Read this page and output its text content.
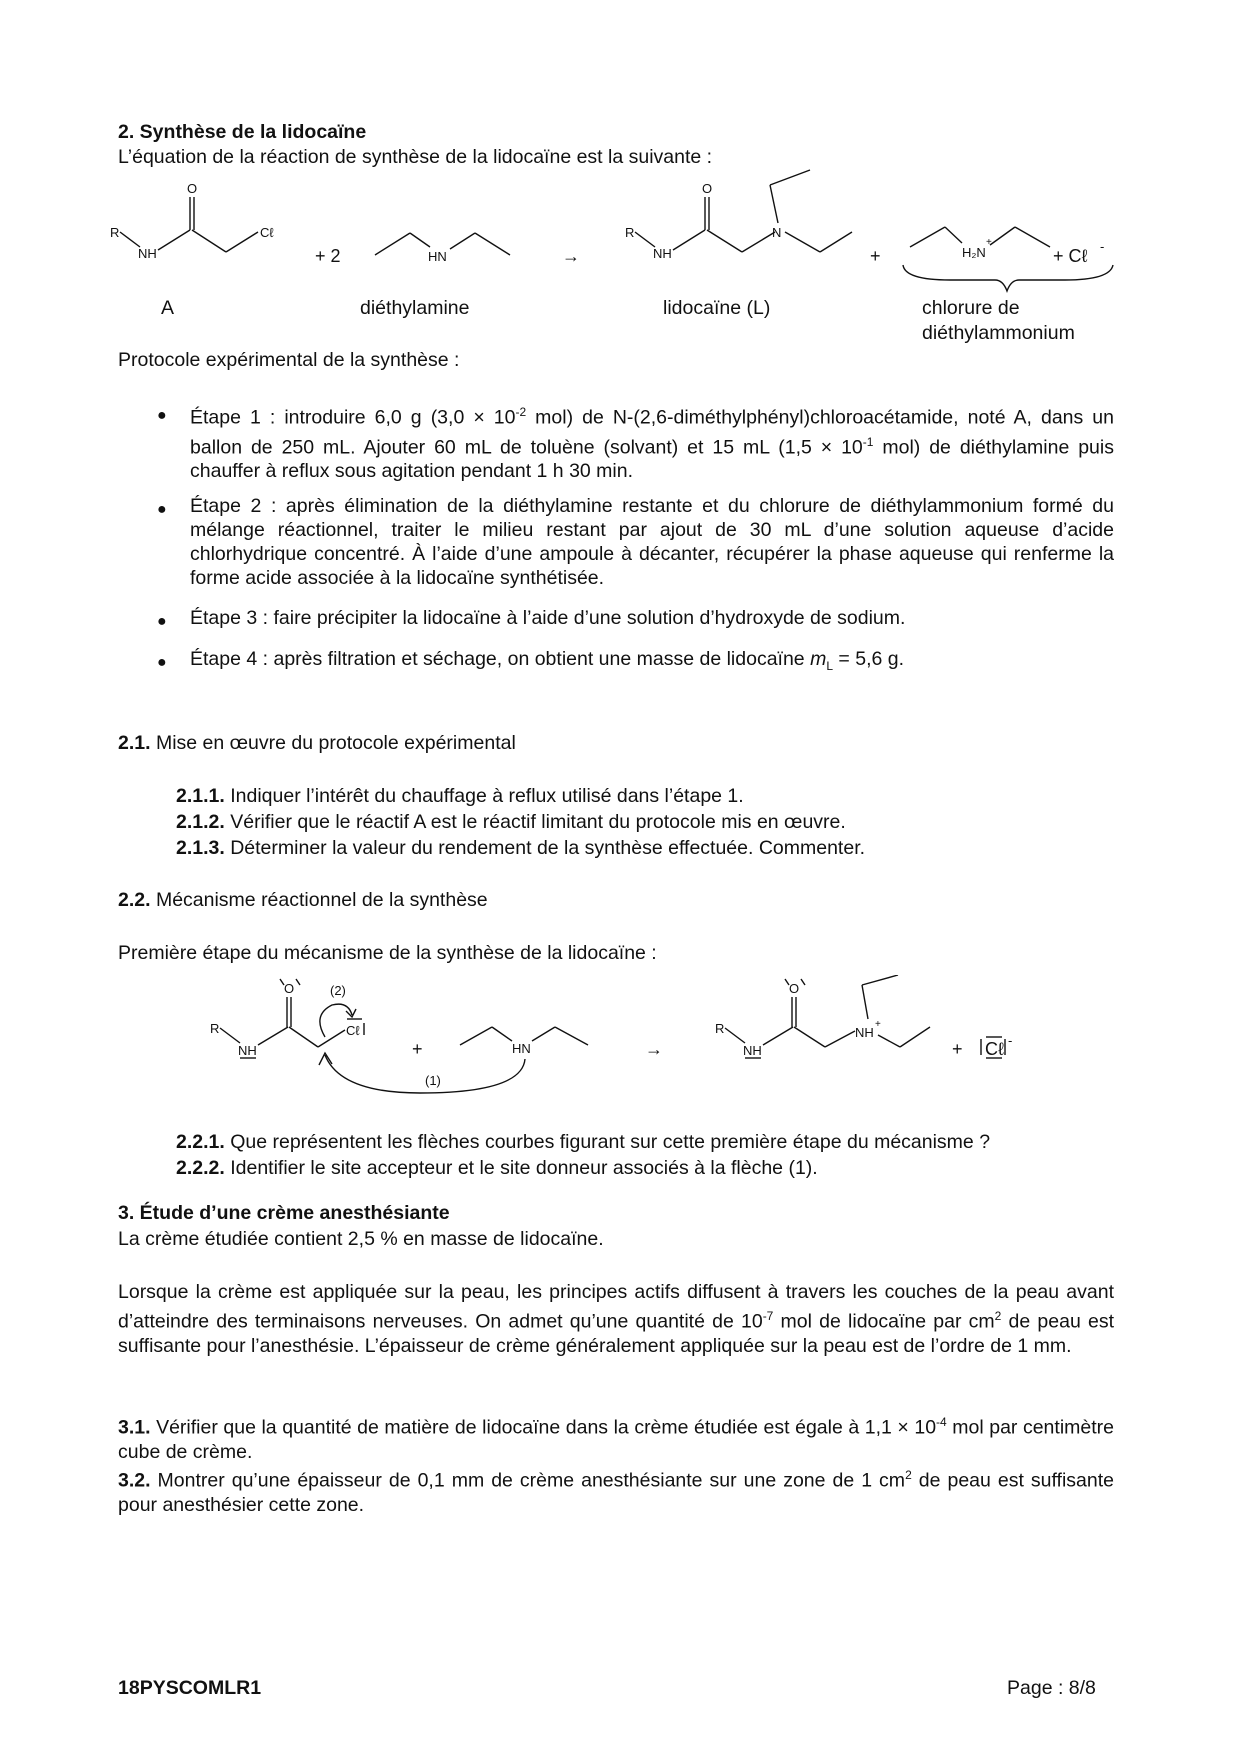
2. Synthèse de la lidocaïne
L’équation de la réaction de synthèse de la lidocaïne est la suivante :
R
NH
O
Cℓ
+ 2	HN	→
R
NH
O
N
+	H₂N
+
+ Cℓ -
A	diéthylamine	lidocaïne (L)	chlorure de
diéthylammonium
Protocole expérimental de la synthèse :
● Étape 1 : introduire 6,0 g ($3,0 \times 10^{-2}$ mol) de N-(2,6-diméthylphényl)chloroacétamide, noté A, dans un ballon de 250 mL. Ajouter 60 mL de toluène (solvant) et 15 mL ($1,5 \times 10^{-1}$ mol) de diéthylamine puis chauffer à reflux sous agitation pendant 1 h 30 min.
● Étape 2 : après élimination de la diéthylamine restante et du chlorure de diéthylammonium formé du mélange réactionnel, traiter le milieu restant par ajout de 30 mL d’une solution aqueuse d’acide chlorhydrique concentré. À l’aide d’une ampoule à décanter, récupérer la phase aqueuse qui renferme la forme acide associée à la lidocaïne synthétisée.
● Étape 3 : faire précipiter la lidocaïne à l’aide d’une solution d’hydroxyde de sodium.
● Étape 4 : après filtration et séchage, on obtient une masse de lidocaïne $m_L = 5,6$ g.
2.1. Mise en œuvre du protocole expérimental
2.1.1. Indiquer l’intérêt du chauffage à reflux utilisé dans l’étape 1.
2.1.2. Vérifier que le réactif A est le réactif limitant du protocole mis en œuvre.
2.1.3. Déterminer la valeur du rendement de la synthèse effectuée. Commenter.
2.2. Mécanisme réactionnel de la synthèse
Première étape du mécanisme de la synthèse de la lidocaïne :
R
NH
O
Cℓ
(2)
+	HN
(1)
→
R
NH
O
NH
+
+ Cℓ -
2.2.1. Que représentent les flèches courbes figurant sur cette première étape du mécanisme ?
2.2.2. Identifier le site accepteur et le site donneur associés à la flèche (1).
3. Étude d’une crème anesthésiante
La crème étudiée contient 2,5 % en masse de lidocaïne.
Lorsque la crème est appliquée sur la peau, les principes actifs diffusent à travers les couches de la peau avant d’atteindre des terminaisons nerveuses. On admet qu’une quantité de $10^{-7}$ mol de lidocaïne par $cm^2$ de peau est suffisante pour l’anesthésie. L’épaisseur de crème généralement appliquée sur la peau est de l’ordre de 1 mm.
3.1. Vérifier que la quantité de matière de lidocaïne dans la crème étudiée est égale à $1,1 \times 10^{-4}$ mol par centimètre cube de crème.
3.2. Montrer qu’une épaisseur de 0,1 mm de crème anesthésiante sur une zone de 1 $cm^2$ de peau est suffisante pour anesthésier cette zone.
18PYSCOMLR1	Page : 8/8
